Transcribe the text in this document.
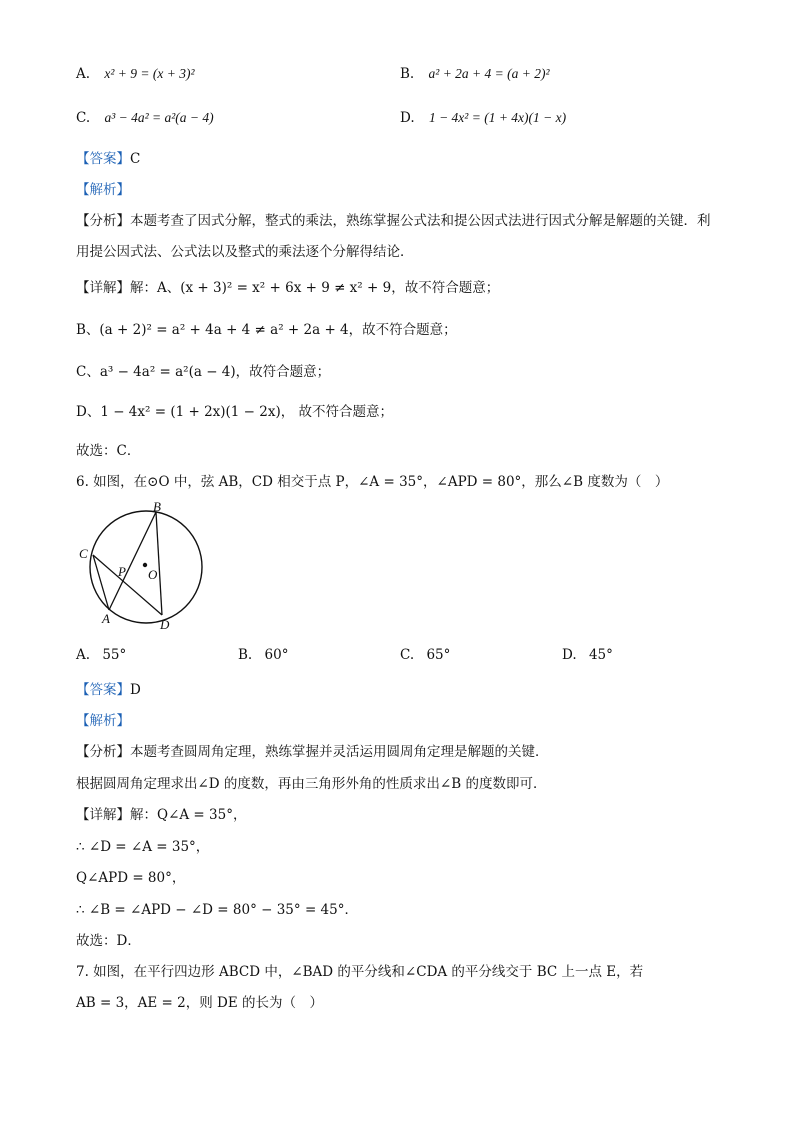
A. x² + 9 = (x + 3)²	B. a² + 2a + 4 = (a + 2)²
C. a³ − 4a² = a²(a − 4)	D. 1 − 4x² = (1 + 4x)(1 − x)
【答案】C
【解析】
【分析】本题考查了因式分解，整式的乘法，熟练掌握公式法和提公因式法进行因式分解是解题的关键．利
用提公因式法、公式法以及整式的乘法逐个分解得结论．
【详解】解：A、(x + 3)² = x² + 6x + 9 ≠ x² + 9，故不符合题意；
B、(a + 2)² = a² + 4a + 4 ≠ a² + 2a + 4，故不符合题意；
C、a³ − 4a² = a²(a − 4)，故符合题意；
D、1 − 4x² = (1 + 2x)(1 − 2x)， 故不符合题意；
故选：C．
6. 如图，在⊙O 中，弦 AB，CD 相交于点 P，∠A = 35°，∠APD = 80°，那么∠B 度数为（　）
B
C
P O
A	D
A. 55°	B. 60°	C. 65°	D. 45°
【答案】D
【解析】
【分析】本题考查圆周角定理，熟练掌握并灵活运用圆周角定理是解题的关键．
根据圆周角定理求出∠D 的度数，再由三角形外角的性质求出∠B 的度数即可．
【详解】解：Q∠A = 35°，
∴ ∠D = ∠A = 35°，
Q∠APD = 80°，
∴ ∠B = ∠APD − ∠D = 80° − 35° = 45°．
故选：D．
7. 如图，在平行四边形 ABCD 中，∠BAD 的平分线和∠CDA 的平分线交于 BC 上一点 E，若
AB = 3，AE = 2，则 DE 的长为（　）
